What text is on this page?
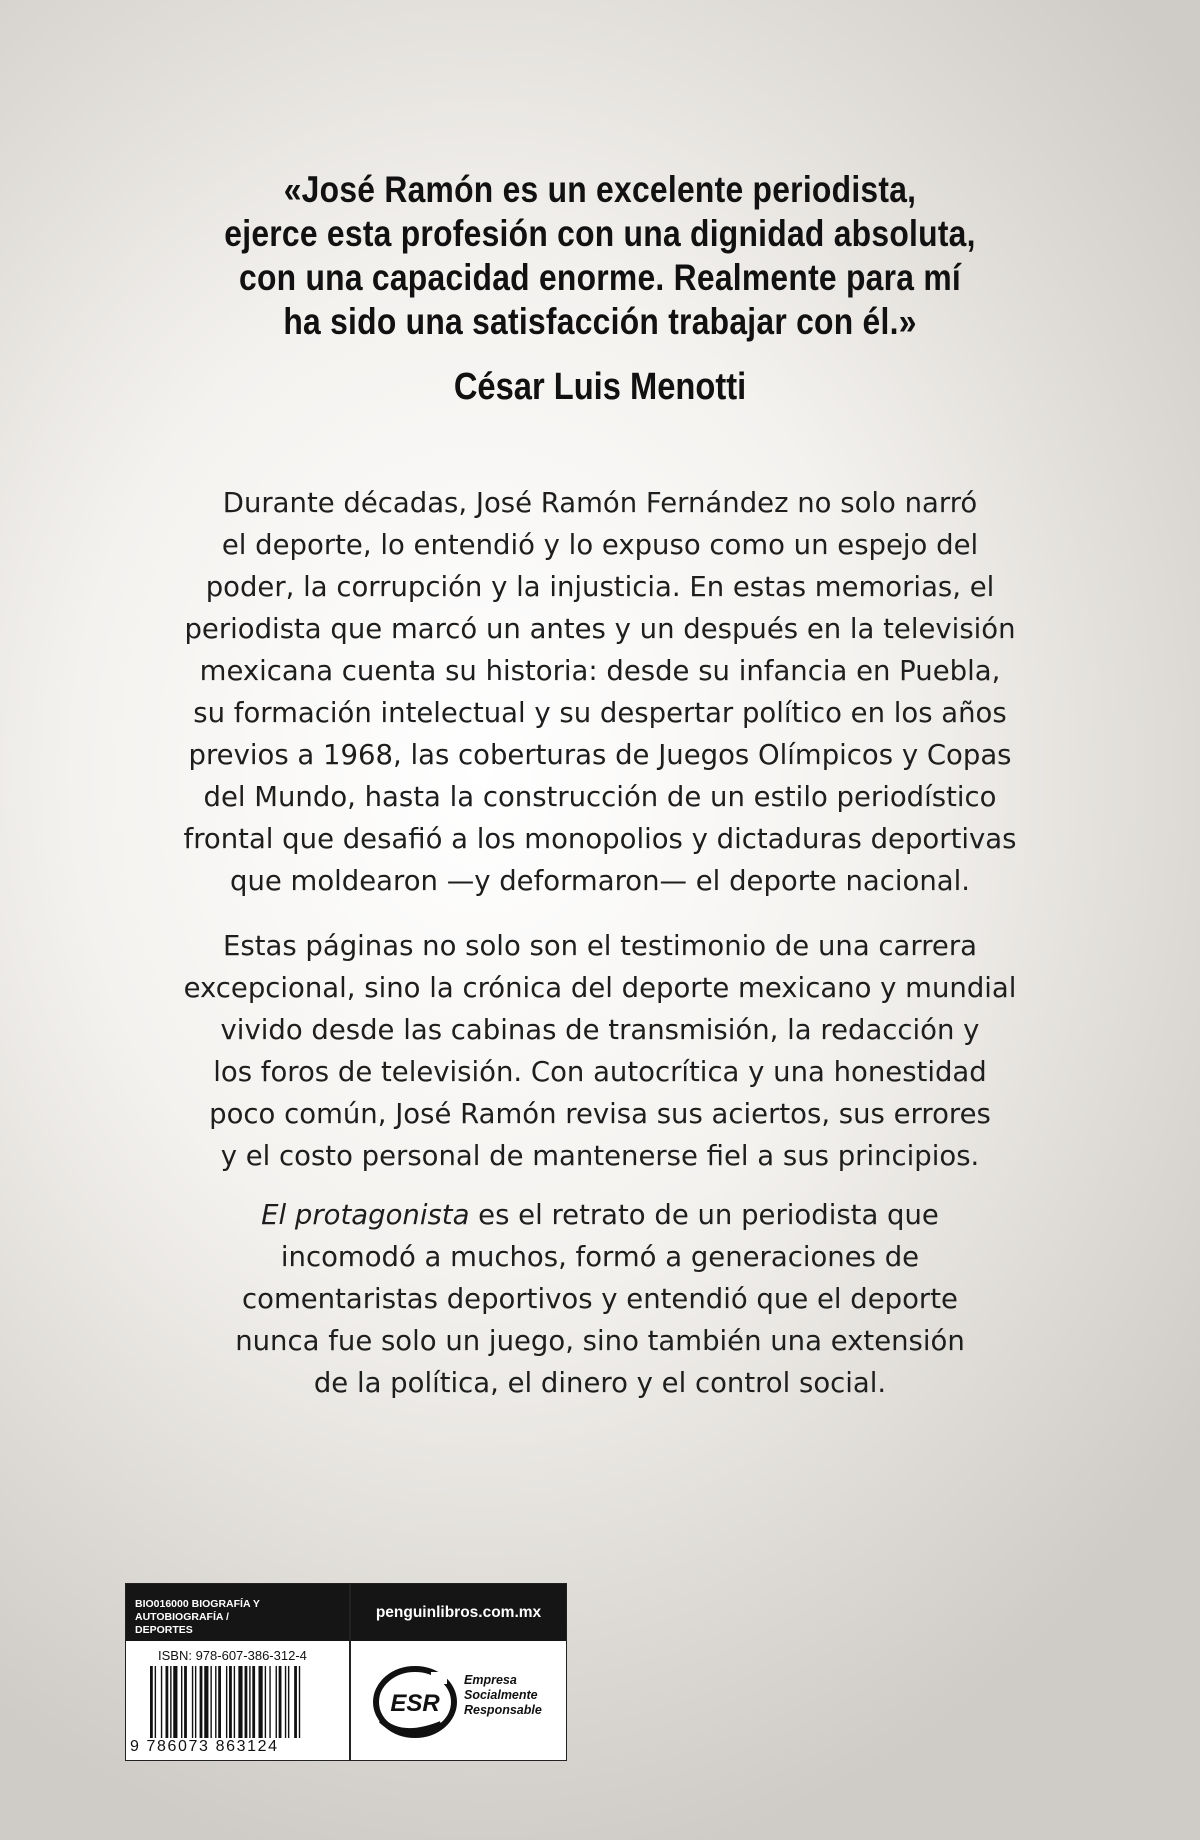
«José Ramón es un excelente periodista,
ejerce esta profesión con una dignidad absoluta,
con una capacidad enorme. Realmente para mí
ha sido una satisfacción trabajar con él.»
César Luis Menotti
Durante décadas, José Ramón Fernández no solo narró
el deporte, lo entendió y lo expuso como un espejo del
poder, la corrupción y la injusticia. En estas memorias, el
periodista que marcó un antes y un después en la televisión
mexicana cuenta su historia: desde su infancia en Puebla,
su formación intelectual y su despertar político en los años
previos a 1968, las coberturas de Juegos Olímpicos y Copas
del Mundo, hasta la construcción de un estilo periodístico
frontal que desafió a los monopolios y dictaduras deportivas
que moldearon —y deformaron— el deporte nacional.
Estas páginas no solo son el testimonio de una carrera
excepcional, sino la crónica del deporte mexicano y mundial
vivido desde las cabinas de transmisión, la redacción y
los foros de televisión. Con autocrítica y una honestidad
poco común, José Ramón revisa sus aciertos, sus errores
y el costo personal de mantenerse fiel a sus principios.
El protagonista es el retrato de un periodista que
incomodó a muchos, formó a generaciones de
comentaristas deportivos y entendió que el deporte
nunca fue solo un juego, sino también una extensión
de la política, el dinero y el control social.
BIO016000 BIOGRAFÍA Y AUTOBIOGRAFÍA /
DEPORTES
penguinlibros.com.mx
ISBN: 978-607-386-312-4
9 786073 863124
ESR
Empresa
Socialmente
Responsable
